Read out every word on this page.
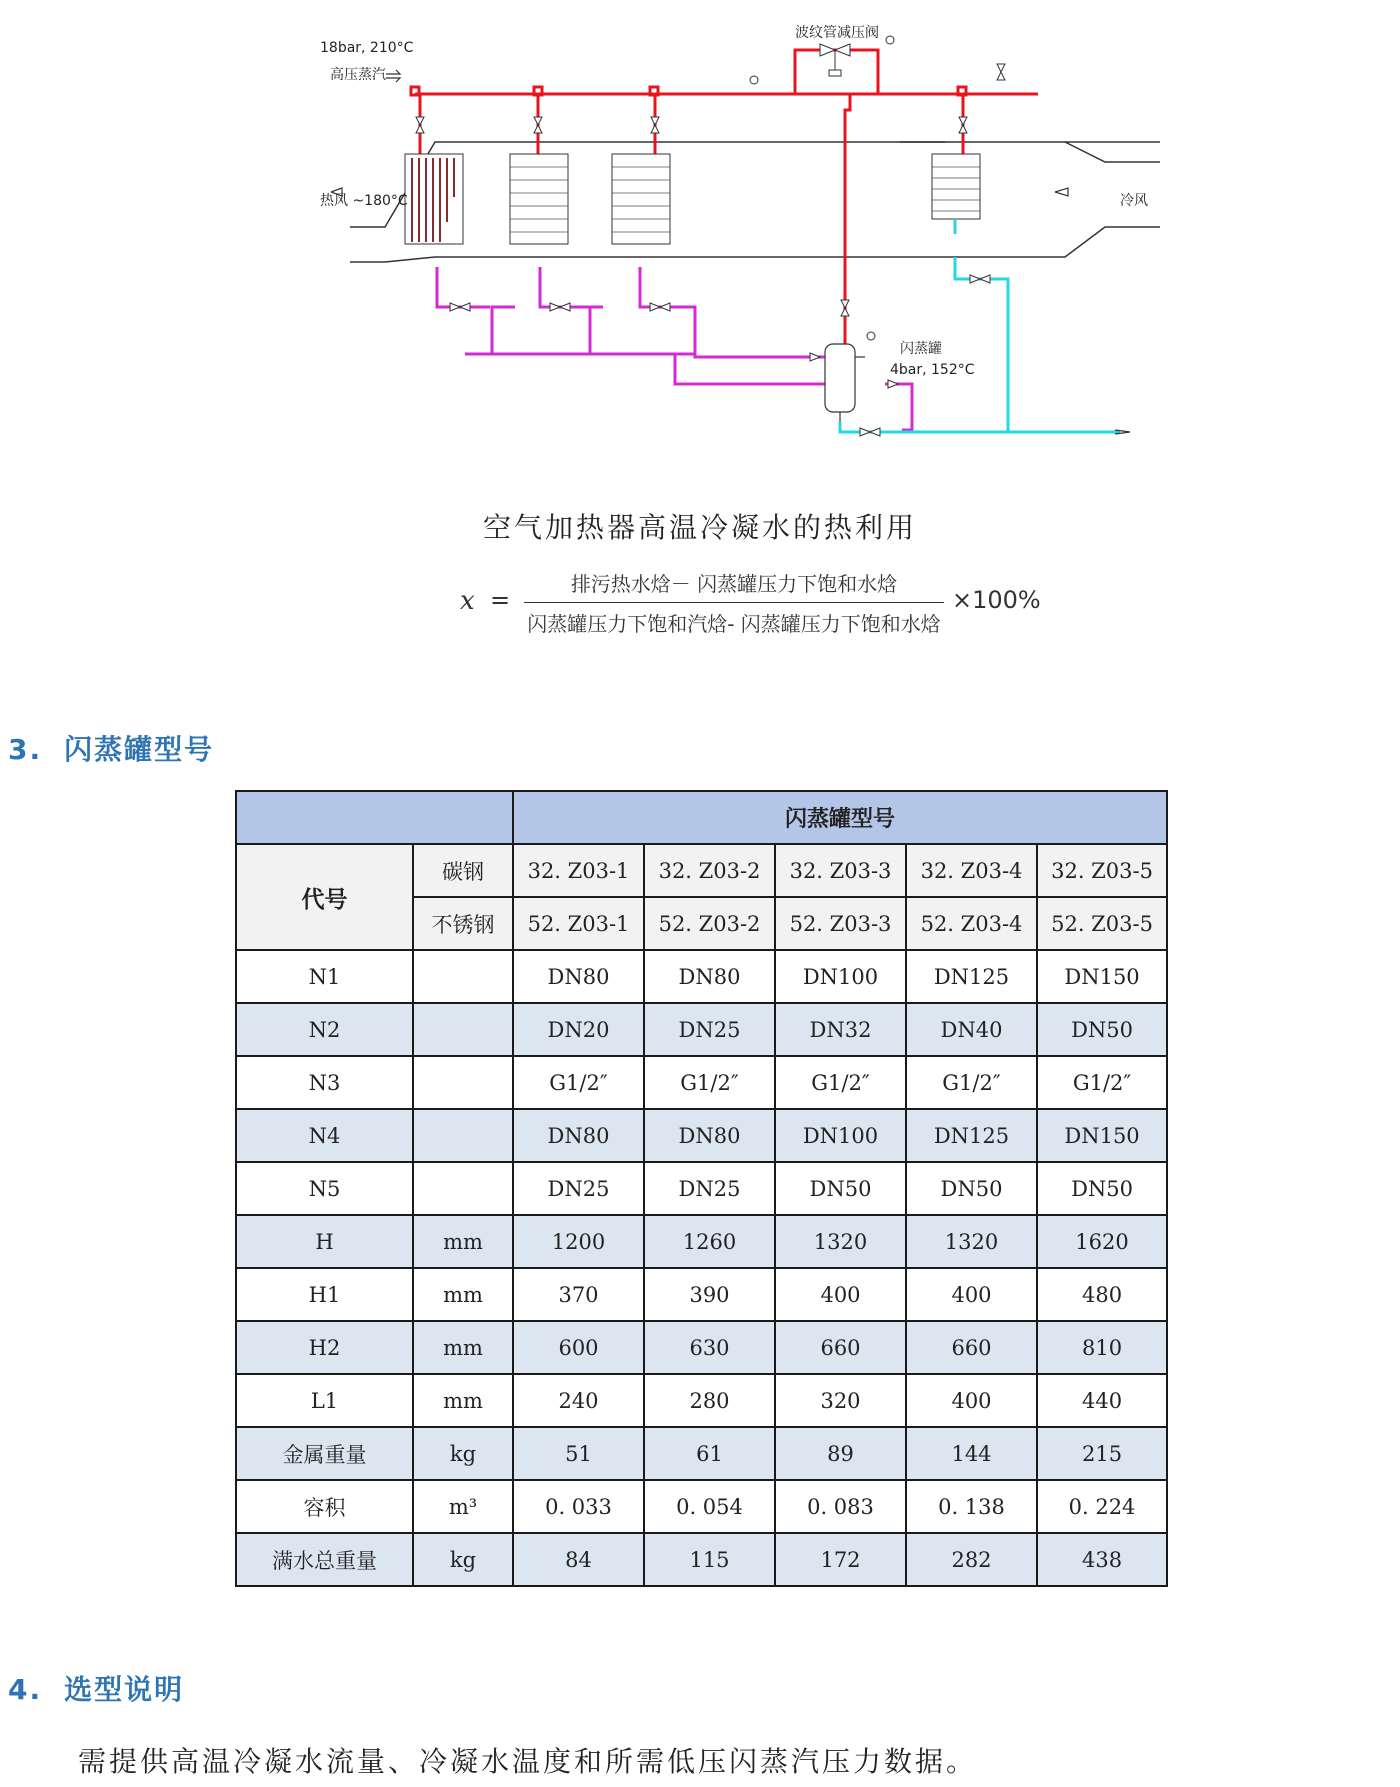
18bar, 210°C
高压蒸汽
波纹管减压阀
热风 ~180°C	冷风
闪蒸罐
4bar, 152°C
空气加热器高温冷凝水的热利用
x =
排污热水焓－ 闪蒸罐压力下饱和水焓
闪蒸罐压力下饱和汽焓- 闪蒸罐压力下饱和水焓
×100%
3. 闪蒸罐型号
		闪蒸罐型号				
代号	碳钢	32. Z03-1	32. Z03-2	32. Z03-3	32. Z03-4	32. Z03-5
	不锈钢	52. Z03-1	52. Z03-2	52. Z03-3	52. Z03-4	52. Z03-5
N1		DN80	DN80	DN100	DN125	DN150
N2		DN20	DN25	DN32	DN40	DN50
N3		G1/2″	G1/2″	G1/2″	G1/2″	G1/2″
N4		DN80	DN80	DN100	DN125	DN150
N5		DN25	DN25	DN50	DN50	DN50
H	mm	1200	1260	1320	1320	1620
H1	mm	370	390	400	400	480
H2	mm	600	630	660	660	810
L1	mm	240	280	320	400	440
金属重量	kg	51	61	89	144	215
容积	m³	0. 033	0. 054	0. 083	0. 138	0. 224
满水总重量	kg	84	115	172	282	438
4. 选型说明
需提供高温冷凝水流量、冷凝水温度和所需低压闪蒸汽压力数据。
